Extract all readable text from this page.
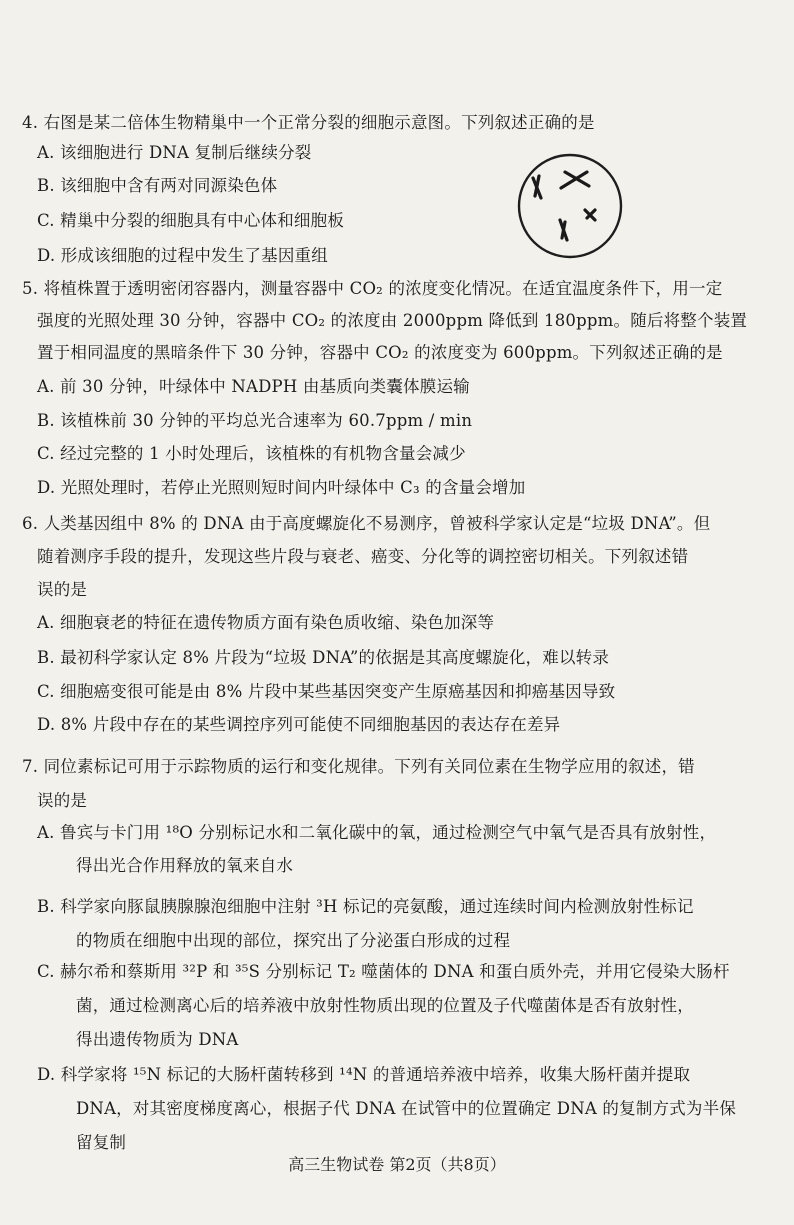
4. 右图是某二倍体生物精巢中一个正常分裂的细胞示意图。下列叙述正确的是
A. 该细胞进行 DNA 复制后继续分裂
B. 该细胞中含有两对同源染色体
C. 精巢中分裂的细胞具有中心体和细胞板
D. 形成该细胞的过程中发生了基因重组
5. 将植株置于透明密闭容器内，测量容器中 CO₂ 的浓度变化情况。在适宜温度条件下，用一定
强度的光照处理 30 分钟，容器中 CO₂ 的浓度由 2000ppm 降低到 180ppm。随后将整个装置
置于相同温度的黑暗条件下 30 分钟，容器中 CO₂ 的浓度变为 600ppm。下列叙述正确的是
A. 前 30 分钟，叶绿体中 NADPH 由基质向类囊体膜运输
B. 该植株前 30 分钟的平均总光合速率为 60.7ppm / min
C. 经过完整的 1 小时处理后，该植株的有机物含量会减少
D. 光照处理时，若停止光照则短时间内叶绿体中 C₃ 的含量会增加
6. 人类基因组中 8% 的 DNA 由于高度螺旋化不易测序，曾被科学家认定是“垃圾 DNA”。但
随着测序手段的提升，发现这些片段与衰老、癌变、分化等的调控密切相关。下列叙述错
误的是
A. 细胞衰老的特征在遗传物质方面有染色质收缩、染色加深等
B. 最初科学家认定 8% 片段为“垃圾 DNA”的依据是其高度螺旋化，难以转录
C. 细胞癌变很可能是由 8% 片段中某些基因突变产生原癌基因和抑癌基因导致
D. 8% 片段中存在的某些调控序列可能使不同细胞基因的表达存在差异
7. 同位素标记可用于示踪物质的运行和变化规律。下列有关同位素在生物学应用的叙述，错
误的是
A. 鲁宾与卡门用 ¹⁸O 分别标记水和二氧化碳中的氧，通过检测空气中氧气是否具有放射性，
得出光合作用释放的氧来自水
B. 科学家向豚鼠胰腺腺泡细胞中注射 ³H 标记的亮氨酸，通过连续时间内检测放射性标记
的物质在细胞中出现的部位，探究出了分泌蛋白形成的过程
C. 赫尔希和蔡斯用 ³²P 和 ³⁵S 分别标记 T₂ 噬菌体的 DNA 和蛋白质外壳，并用它侵染大肠杆
菌，通过检测离心后的培养液中放射性物质出现的位置及子代噬菌体是否有放射性，
得出遗传物质为 DNA
D. 科学家将 ¹⁵N 标记的大肠杆菌转移到 ¹⁴N 的普通培养液中培养，收集大肠杆菌并提取
DNA，对其密度梯度离心，根据子代 DNA 在试管中的位置确定 DNA 的复制方式为半保
留复制
高三生物试卷 第2页（共8页）
